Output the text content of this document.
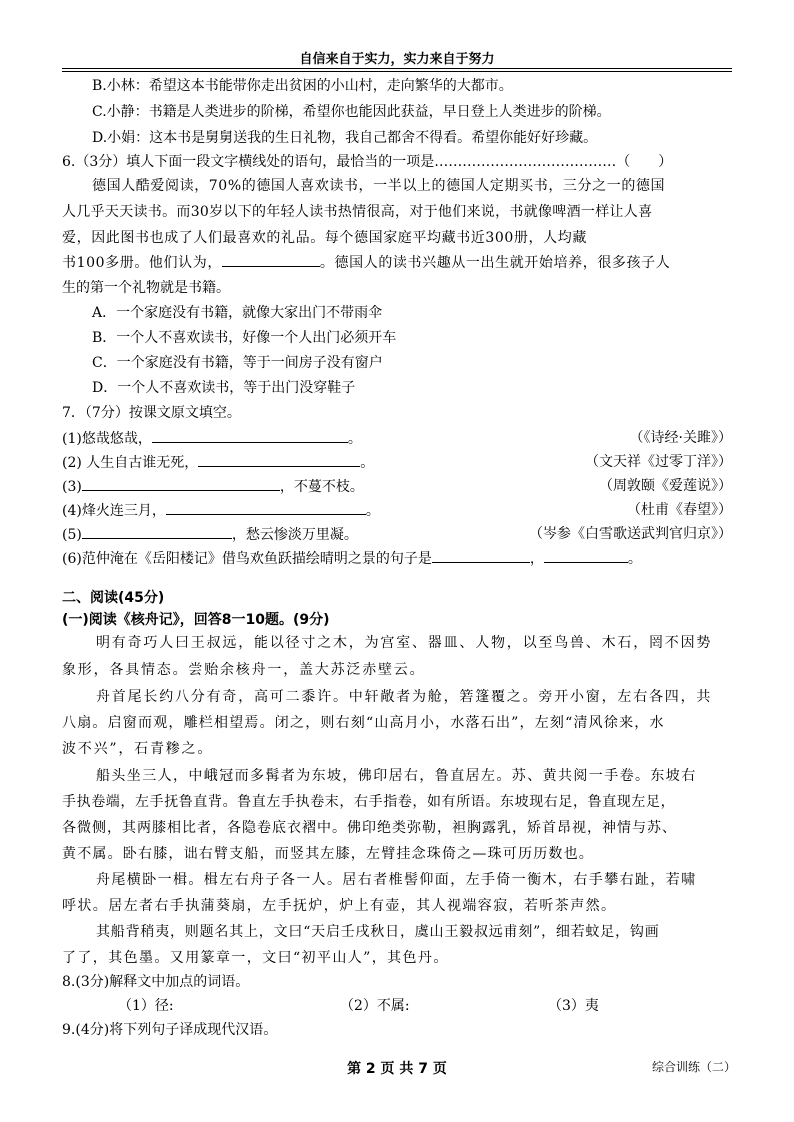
自信来自于实力，实力来自于努力
B.小林：希望这本书能带你走出贫困的小山村，走向繁华的大都市。
C.小静：书籍是人类进步的阶梯，希望你也能因此获益，早日登上人类进步的阶梯。
D.小娟：这本书是舅舅送我的生日礼物，我自己都舍不得看。希望你能好好珍藏。
6.（3分）填人下面一段文字横线处的语句，最恰当的一项是…………………………………（　　）
德国人酷爱阅读，70%的德国人喜欢读书，一半以上的德国人定期买书，三分之一的德国
人几乎天天读书。而30岁以下的年轻人读书热情很高，对于他们来说，书就像啤酒一样让人喜
爱，因此图书也成了人们最喜欢的礼品。每个德国家庭平均藏书近300册，人均藏
书100多册。他们认为，	。德国人的读书兴趣从一出生就开始培养，很多孩子人
生的第一个礼物就是书籍。
A．一个家庭没有书籍，就像大家出门不带雨伞
B．一个人不喜欢读书，好像一个人出门必须开车
C．一个家庭没有书籍，等于一间房子没有窗户
D．一个人不喜欢读书，等于出门没穿鞋子
7．（7分）按课文原文填空。
(1)悠哉悠哉，	。	（《诗经·关雎》）
(2) 人生自古谁无死，	。	（文天祥《过零丁洋》）
(3)	，不蔓不枝。	（周敦颐《爱莲说》）
(4)烽火连三月，	。	（杜甫《春望》）
(5)	，愁云惨淡万里凝。	（岑参《白雪歌送武判官归京》）
(6)范仲淹在《岳阳楼记》借鸟欢鱼跃描绘晴明之景的句子是	，	。
二、阅读(45分)
(一)阅读《核舟记》，回答8一10题。(9分)
明有奇巧人曰王叔远，能以径寸之木，为宫室、器皿、人物，以至鸟兽、木石，罔不因势
象形，各具情态。尝贻余核舟一，盖大苏泛赤壁云。
舟首尾长约八分有奇，高可二黍许。中轩敞者为舱，箬篷覆之。旁开小窗，左右各四，共
八扇。启窗而观，雕栏相望焉。闭之，则右刻“山高月小，水落石出”，左刻“清风徐来，水
波不兴”，石青糁之。
船头坐三人，中峨冠而多髯者为东坡，佛印居右，鲁直居左。苏、黄共阅一手卷。东坡右
手执卷端，左手抚鲁直背。鲁直左手执卷末，右手指卷，如有所语。东坡现右足，鲁直现左足，
各微侧，其两膝相比者，各隐卷底衣褶中。佛印绝类弥勒，袒胸露乳，矫首昂视，神情与苏、
黄不属。卧右膝，诎右臂支船，而竖其左膝，左臂挂念珠倚之—珠可历历数也。
舟尾横卧一楫。楫左右舟子各一人。居右者椎髻仰面，左手倚一衡木，右手攀右趾，若啸
呼状。居左者右手执蒲葵扇，左手抚炉，炉上有壶，其人视端容寂，若听茶声然。
其船背稍夷，则题名其上，文曰“天启壬戌秋日，虞山王毅叔远甫刻”，细若蚊足，钩画
了了，其色墨。又用篆章一，文曰“初平山人”，其色丹。
8.(3分)解释文中加点的词语。
（1）径:	（2）不属:	（3）夷
9.(4分)将下列句子译成现代汉语。
第 2 页 共 7 页	综合训练（二）
